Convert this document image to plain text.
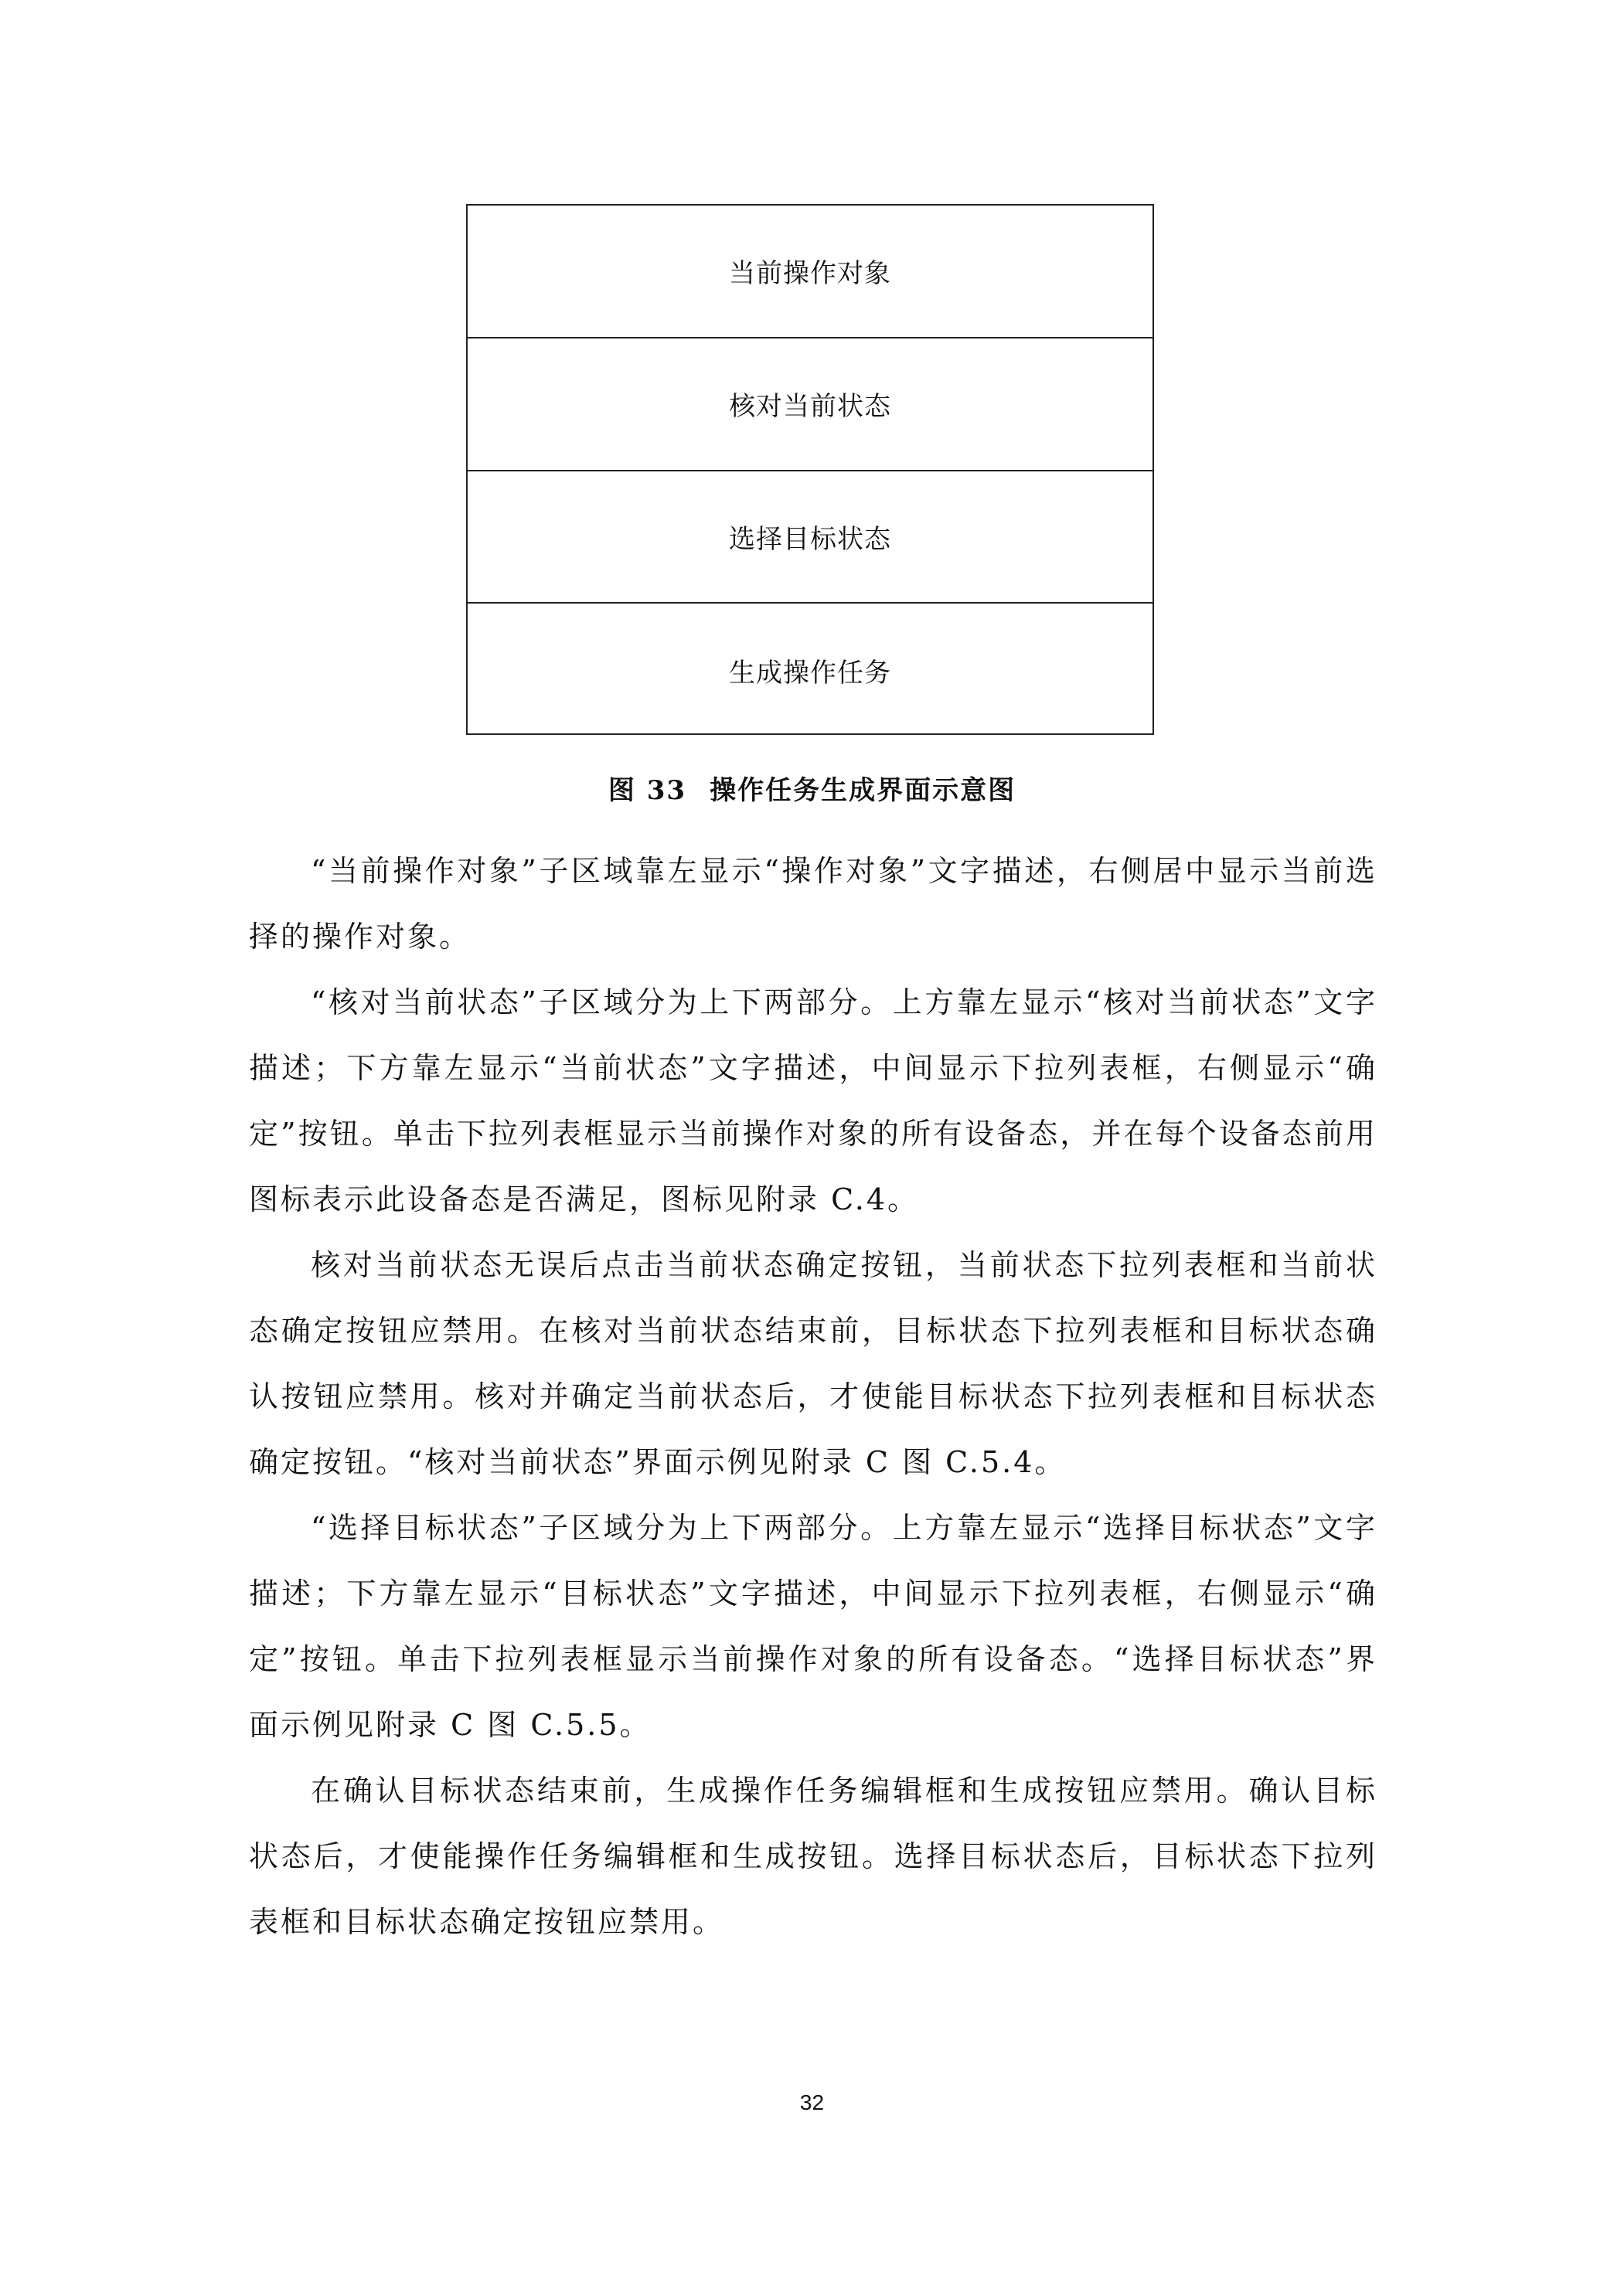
当前操作对象
核对当前状态
选择目标状态
生成操作任务
图 33 操作任务生成界面示意图

“当前操作对象”子区域靠左显示“操作对象”文字描述，右侧居中显示当前选择的操作对象。

“核对当前状态”子区域分为上下两部分。上方靠左显示“核对当前状态”文字描述；下方靠左显示“当前状态”文字描述，中间显示下拉列表框，右侧显示“确定”按钮。单击下拉列表框显示当前操作对象的所有设备态，并在每个设备态前用图标表示此设备态是否满足，图标见附录 C.4。

核对当前状态无误后点击当前状态确定按钮，当前状态下拉列表框和当前状态确定按钮应禁用。在核对当前状态结束前，目标状态下拉列表框和目标状态确认按钮应禁用。核对并确定当前状态后，才使能目标状态下拉列表框和目标状态确定按钮。“核对当前状态”界面示例见附录 C 图 C.5.4。

“选择目标状态”子区域分为上下两部分。上方靠左显示“选择目标状态”文字描述；下方靠左显示“目标状态”文字描述，中间显示下拉列表框，右侧显示“确定”按钮。单击下拉列表框显示当前操作对象的所有设备态。“选择目标状态”界面示例见附录 C 图 C.5.5。

在确认目标状态结束前，生成操作任务编辑框和生成按钮应禁用。确认目标状态后，才使能操作任务编辑框和生成按钮。选择目标状态后，目标状态下拉列表框和目标状态确定按钮应禁用。

32
